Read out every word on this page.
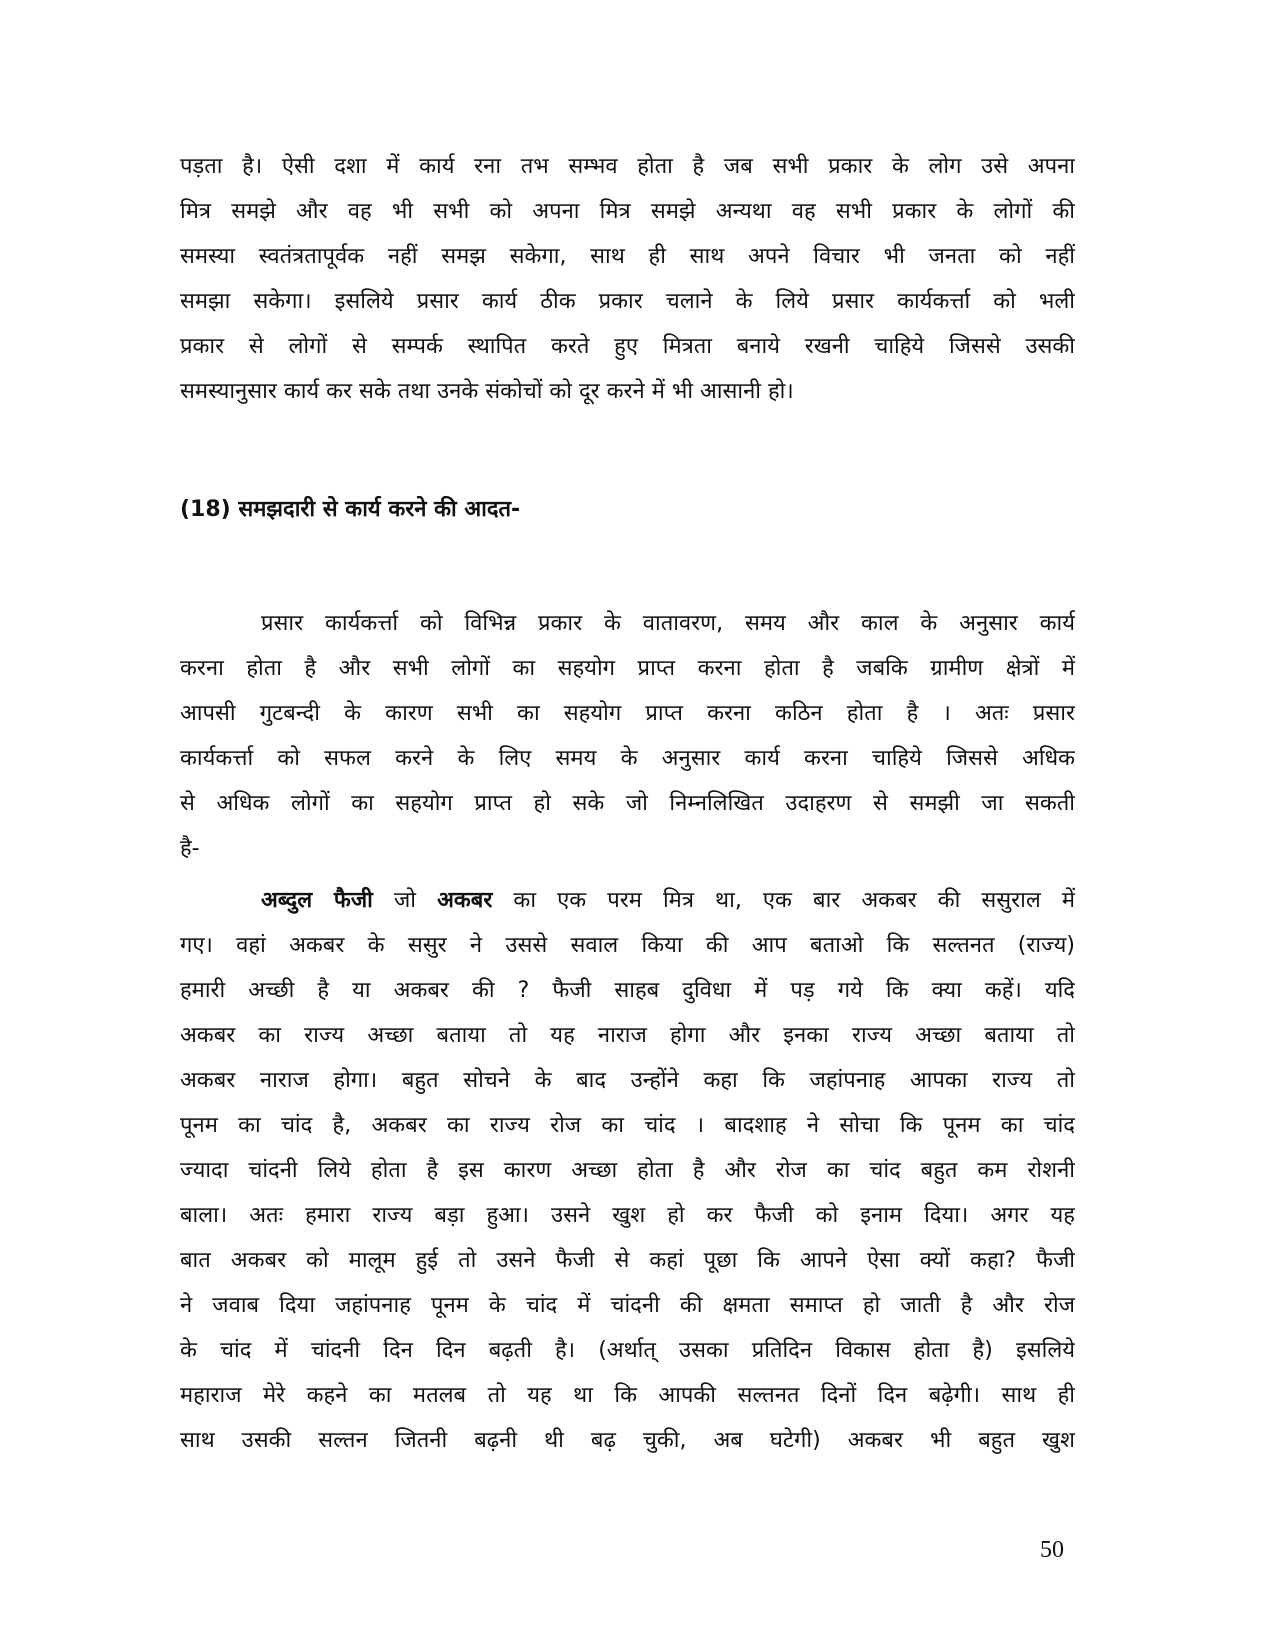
पड़ता है। ऐसी दशा में कार्य रना तभ सम्भव होता है जब सभी प्रकार के लोग उसे अपना
मित्र समझे और वह भी सभी को अपना मित्र समझे अन्यथा वह सभी प्रकार के लोगों की
समस्या स्वतंत्रतापूर्वक नहीं समझ सकेगा, साथ ही साथ अपने विचार भी जनता को नहीं
समझा सकेगा। इसलिये प्रसार कार्य ठीक प्रकार चलाने के लिये प्रसार कार्यकर्त्ता को भली
प्रकार से लोगों से सम्पर्क स्थापित करते हुए मित्रता बनाये रखनी चाहिये जिससे उसकी
समस्यानुसार कार्य कर सके तथा उनके संकोचों को दूर करने में भी आसानी हो।
(18) समझदारी से कार्य करने की आदत-
प्रसार कार्यकर्त्ता को विभिन्न प्रकार के वातावरण, समय और काल के अनुसार कार्य
करना होता है और सभी लोगों का सहयोग प्राप्त करना होता है जबकि ग्रामीण क्षेत्रों में
आपसी गुटबन्दी के कारण सभी का सहयोग प्राप्त करना कठिन होता है । अतः प्रसार
कार्यकर्त्ता को सफल करने के लिए समय के अनुसार कार्य करना चाहिये जिससे अधिक
से अधिक लोगों का सहयोग प्राप्त हो सके जो निम्नलिखित उदाहरण से समझी जा सकती
है-
अब्दुल फैजी जो अकबर का एक परम मित्र था, एक बार अकबर की ससुराल में
गए। वहां अकबर के ससुर ने उससे सवाल किया की आप बताओ कि सल्तनत (राज्य)
हमारी अच्छी है या अकबर की ? फैजी साहब दुविधा में पड़ गये कि क्या कहें। यदि
अकबर का राज्य अच्छा बताया तो यह नाराज होगा और इनका राज्य अच्छा बताया तो
अकबर नाराज होगा। बहुत सोचने के बाद उन्होंने कहा कि जहांपनाह आपका राज्य तो
पूनम का चांद है, अकबर का राज्य रोज का चांद । बादशाह ने सोचा कि पूनम का चांद
ज्यादा चांदनी लिये होता है इस कारण अच्छा होता है और रोज का चांद बहुत कम रोशनी
बाला। अतः हमारा राज्य बड़ा हुआ। उसने खुश हो कर फैजी को इनाम दिया। अगर यह
बात अकबर को मालूम हुई तो उसने फैजी से कहां पूछा कि आपने ऐसा क्यों कहा? फैजी
ने जवाब दिया जहांपनाह पूनम के चांद में चांदनी की क्षमता समाप्त हो जाती है और रोज
के चांद में चांदनी दिन दिन बढ़ती है। (अर्थात् उसका प्रतिदिन विकास होता है) इसलिये
महाराज मेरे कहने का मतलब तो यह था कि आपकी सल्तनत दिनों दिन बढ़ेगी। साथ ही
साथ उसकी सल्तन जितनी बढ़नी थी बढ़ चुकी, अब घटेगी) अकबर भी बहुत खुश
50
